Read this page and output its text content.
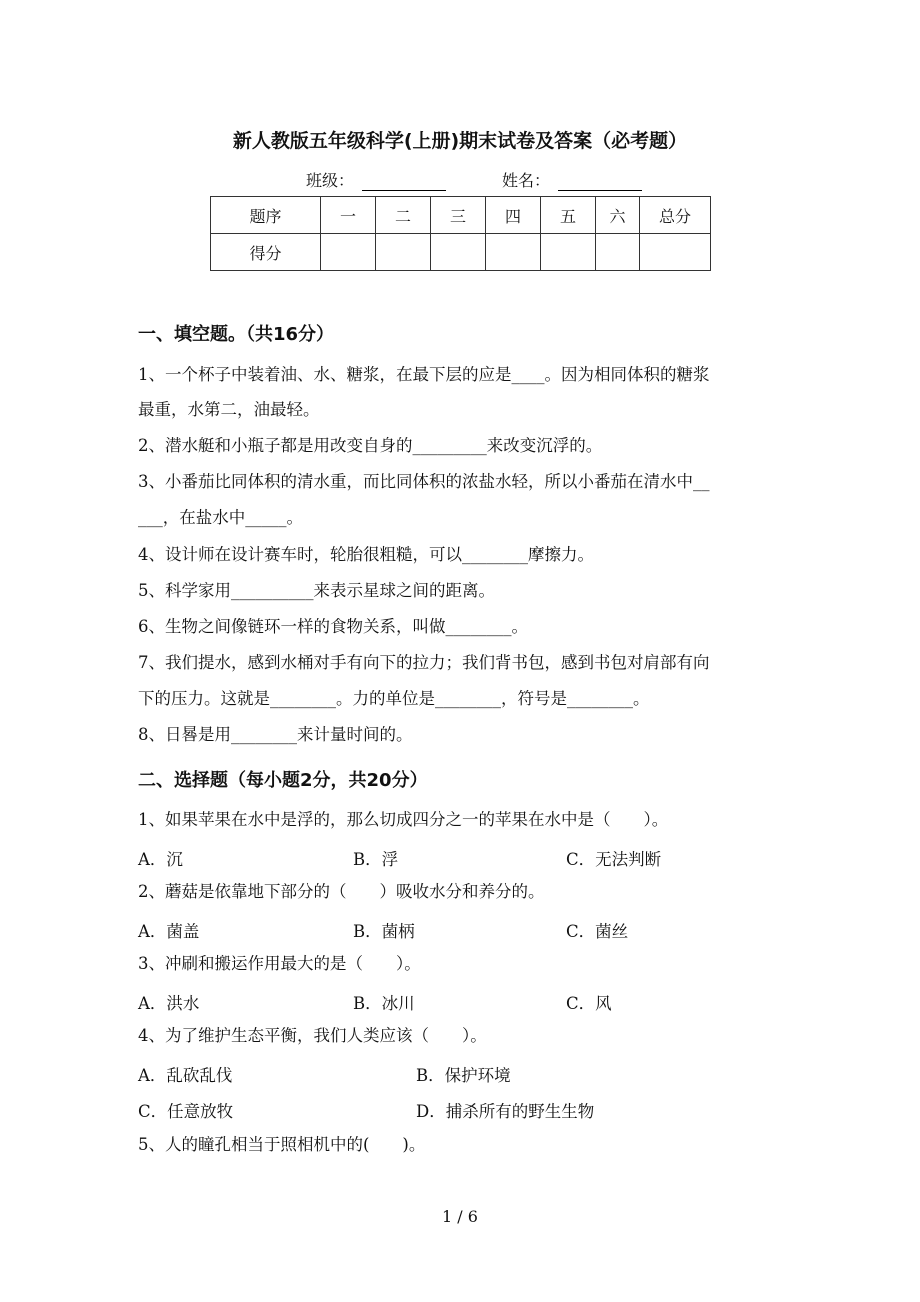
新人教版五年级科学(上册)期末试卷及答案（必考题）
班级：	姓名：
题序	一	二	三	四	五	六	总分
得分							
一、填空题。（共16分）
1、一个杯子中装着油、水、糖浆，在最下层的应是____。因为相同体积的糖浆
最重，水第二，油最轻。
2、潜水艇和小瓶子都是用改变自身的_________来改变沉浮的。
3、小番茄比同体积的清水重，而比同体积的浓盐水轻，所以小番茄在清水中__
___，在盐水中_____。
4、设计师在设计赛车时，轮胎很粗糙，可以________摩擦力。
5、科学家用__________来表示星球之间的距离。
6、生物之间像链环一样的食物关系，叫做________。
7、我们提水，感到水桶对手有向下的拉力；我们背书包，感到书包对肩部有向
下的压力。这就是________。力的单位是________，符号是________。
8、日晷是用________来计量时间的。
二、选择题（每小题2分，共20分）
1、如果苹果在水中是浮的，那么切成四分之一的苹果在水中是（　　）。
A．沉	B．浮	C．无法判断
2、蘑菇是依靠地下部分的（　　）吸收水分和养分的。
A．菌盖	B．菌柄	C．菌丝
3、冲刷和搬运作用最大的是（　　）。
A．洪水	B．冰川	C．风
4、为了维护生态平衡，我们人类应该（　　）。
A．乱砍乱伐	B．保护环境
C．任意放牧	D．捕杀所有的野生生物
5、人的瞳孔相当于照相机中的(　　)。
1 / 6
